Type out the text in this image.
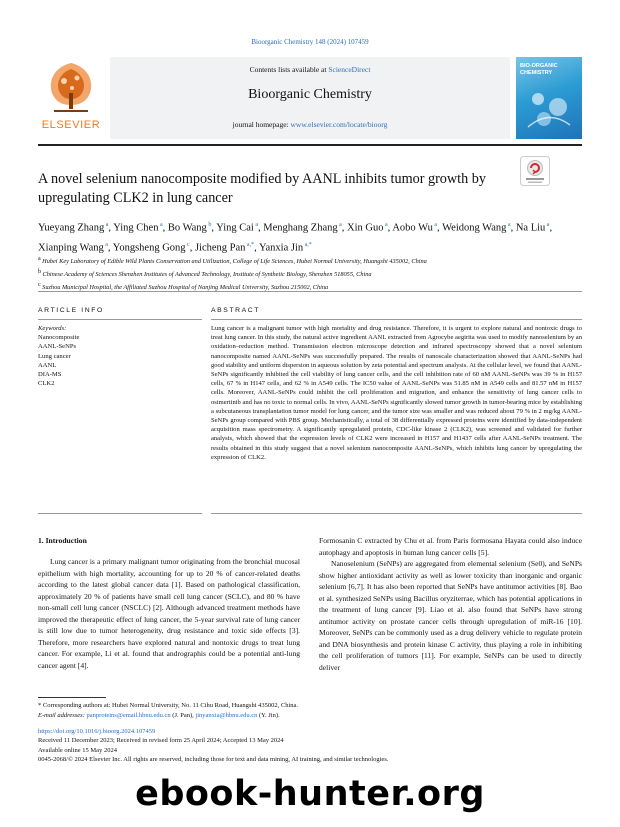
Bioorganic Chemistry 148 (2024) 107459
ELSEVIER
Contents lists available at ScienceDirect
Bioorganic Chemistry
journal homepage: www.elsevier.com/locate/bioorg
BIO-ORGANIC
CHEMISTRY
A novel selenium nanocomposite modified by AANL inhibits tumor growth by upregulating CLK2 in lung cancer
Yueyang Zhang $^a$, Ying Chen $^a$, Bo Wang $^b$, Ying Cai $^a$, Menghang Zhang $^a$, Xin Guo $^a$, Aobo Wu $^a$, Weidong Wang $^a$, Na Liu $^a$, Xianping Wang $^a$, Yongsheng Gong $^c$, Jicheng Pan $^{a,*}$, Yanxia Jin $^{a,*}$
a Hubei Key Laboratory of Edible Wild Plants Conservation and Utilization, College of Life Sciences, Hubei Normal University, Huangshi 435002, China
b Chinese Academy of Sciences Shenzhen Institutes of Advanced Technology, Institute of Synthetic Biology, Shenzhen 518055, China
c Suzhou Municipal Hospital, the Affiliated Suzhou Hospital of Nanjing Medical University, Suzhou 215002, China
ARTICLE INFO	ABSTRACT
Keywords:
Nanocomposite
AANL-SeNPs
Lung cancer
AANL
DIA-MS
CLK2
Lung cancer is a malignant tumor with high mortality and drug resistance. Therefore, it is urgent to explore natural and nontoxic drugs to treat lung cancer. In this study, the natural active ingredient AANL extracted from Agrocybe aegirita was used to modify nanoselenium by an oxidation–reduction method. Transmission electron microscope detection and infrared spectroscopy showed that a novel selenium nanocomposite named AANL-SeNPs was successfully prepared. The results of nanoscale characterization showed that AANL-SeNPs had good stability and uniform dispersion in aqueous solution by zeta potential and spectrum analysis. At the cellular level, we found that AANL-SeNPs significantly inhibited the cell viability of lung cancer cells, and the cell inhibition rate of 60 nM AANL-SeNPs was 39 % in H157 cells, 67 % in H147 cells, and 62 % in A549 cells. The IC50 value of AANL-SeNPs was 51.85 nM in A549 cells and 81.57 nM in H157 cells. Moreover, AANL-SeNPs could inhibit the cell proliferation and migration, and enhance the sensitivity of lung cancer cells to osimertinib and has no toxic to normal cells. In vivo, AANL-SeNPs significantly slowed tumor growth in tumor-bearing mice by establishing a subcutaneous transplantation tumor model for lung cancer, and the tumor size was smaller and was reduced about 79 % in 2 mg/kg AANL-SeNPs group compared with PBS group. Mechanistically, a total of 38 differentially expressed proteins were identified by data-independent acquisition mass spectrometry. A significantly upregulated protein, CDC-like kinase 2 (CLK2), was screened and validated for further analysis, which showed that the expression levels of CLK2 were increased in H157 and H1437 cells after AANL-SeNPs treatment. The results obtained in this study suggest that a novel selenium nanocomposite AANL-SeNPs, which inhibits lung cancer by upregulating the expression of CLK2.
1. Introduction
Lung cancer is a primary malignant tumor originating from the bronchial mucosal epithelium with high mortality, accounting for up to 20 % of cancer-related deaths according to the latest global cancer data [1]. Based on pathological classification, approximately 20 % of patients have small cell lung cancer (SCLC), and 80 % have non-small cell lung cancer (NSCLC) [2]. Although advanced treatment methods have improved the therapeutic effect of lung cancer, the 5-year survival rate of lung cancer is still low due to tumor heterogeneity, drug resistance and toxic side effects [3]. Therefore, more researchers have explored natural and nontoxic drugs to treat lung cancer. For example, Li et al. found that andrographis could be a potential anti-lung cancer agent [4].

Formosanin C extracted by Chu et al. from Paris formosana Hayata could also induce autophagy and apoptosis in human lung cancer cells [5].

Nanoselenium (SeNPs) are aggregated from elemental selenium (Se0), and SeNPs show higher antioxidant activity as well as lower toxicity than inorganic and organic selenium [6,7]. It has also been reported that SeNPs have antitumor activities [8]. Bao et al. synthesized SeNPs using Bacillus oryziterrae, which has potential applications in the treatment of lung cancer [9]. Liao et al. also found that SeNPs have strong antitumor activity on prostate cancer cells through upregulation of miR-16 [10]. Moreover, SeNPs can be commonly used as a drug delivery vehicle to regulate protein and DNA biosynthesis and protein kinase C activity, thus playing a role in inhibiting the cell proliferation of tumors [11]. For example, SeNPs can be used to directly deliver

* Corresponding authors at: Hubei Normal University, No. 11 Cihu Road, Huangshi 435002, China.
E-mail addresses: panproteins@email.hbnu.edu.cn (J. Pan), jinyanxia@hbnu.edu.cn (Y. Jin).
https://doi.org/10.1016/j.bioorg.2024.107459
Received 11 December 2023; Received in revised form 25 April 2024; Accepted 13 May 2024
Available online 15 May 2024
0045-2068/© 2024 Elsevier Inc. All rights are reserved, including those for text and data mining, AI training, and similar technologies.
ebook-hunter.org
